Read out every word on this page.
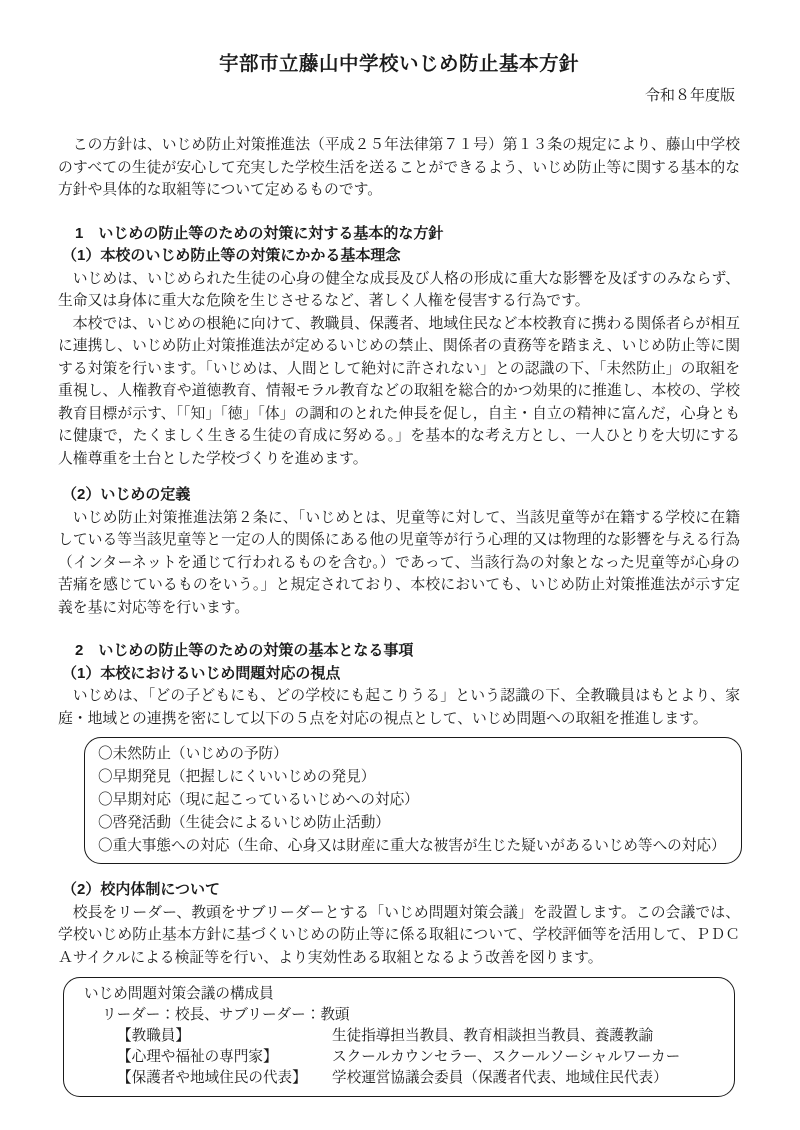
宇部市立藤山中学校いじめ防止基本方針
令和８年度版

この方針は、いじめ防止対策推進法（平成２５年法律第７１号）第１３条の規定により、藤山中学校のすべての生徒が安心して充実した学校生活を送ることができるよう、いじめ防止等に関する基本的な方針や具体的な取組等について定めるものです。

1　いじめの防止等のための対策に対する基本的な方針
（1）本校のいじめ防止等の対策にかかる基本理念

いじめは、いじめられた生徒の心身の健全な成長及び人格の形成に重大な影響を及ぼすのみならず、生命又は身体に重大な危険を生じさせるなど、著しく人権を侵害する行為です。

本校では、いじめの根絶に向けて、教職員、保護者、地域住民など本校教育に携わる関係者らが相互に連携し、いじめ防止対策推進法が定めるいじめの禁止、関係者の責務等を踏まえ、いじめ防止等に関する対策を行います。「いじめは、人間として絶対に許されない」との認識の下、「未然防止」の取組を重視し、人権教育や道徳教育、情報モラル教育などの取組を総合的かつ効果的に推進し、本校の、学校教育目標が示す、「「知」「徳」「体」の調和のとれた伸長を促し，自主・自立の精神に富んだ，心身ともに健康で，たくましく生きる生徒の育成に努める。」を基本的な考え方とし、一人ひとりを大切にする人権尊重を土台とした学校づくりを進めます。

（2）いじめの定義

いじめ防止対策推進法第２条に、「いじめとは、児童等に対して、当該児童等が在籍する学校に在籍している等当該児童等と一定の人的関係にある他の児童等が行う心理的又は物理的な影響を与える行為（インターネットを通じて行われるものを含む。）であって、当該行為の対象となった児童等が心身の苦痛を感じているものをいう。」と規定されており、本校においても、いじめ防止対策推進法が示す定義を基に対応等を行います。

2　いじめの防止等のための対策の基本となる事項
（1）本校におけるいじめ問題対応の視点

いじめは、「どの子どもにも、どの学校にも起こりうる」という認識の下、全教職員はもとより、家庭・地域との連携を密にして以下の５点を対応の視点として、いじめ問題への取組を推進します。

〇未然防止（いじめの予防）
〇早期発見（把握しにくいいじめの発見）
〇早期対応（現に起こっているいじめへの対応）
〇啓発活動（生徒会によるいじめ防止活動）
〇重大事態への対応（生命、心身又は財産に重大な被害が生じた疑いがあるいじめ等への対応）
（2）校内体制について

校長をリーダー、教頭をサブリーダーとする「いじめ問題対策会議」を設置します。この会議では、学校いじめ防止基本方針に基づくいじめの防止等に係る取組について、学校評価等を活用して、ＰＤＣＡサイクルによる検証等を行い、より実効性ある取組となるよう改善を図ります。

いじめ問題対策会議の構成員
リーダー：校長、サブリーダー：教頭
【教職員】	生徒指導担当教員、教育相談担当教員、養護教諭
【心理や福祉の専門家】	スクールカウンセラー、スクールソーシャルワーカー
【保護者や地域住民の代表】	学校運営協議会委員（保護者代表、地域住民代表）
